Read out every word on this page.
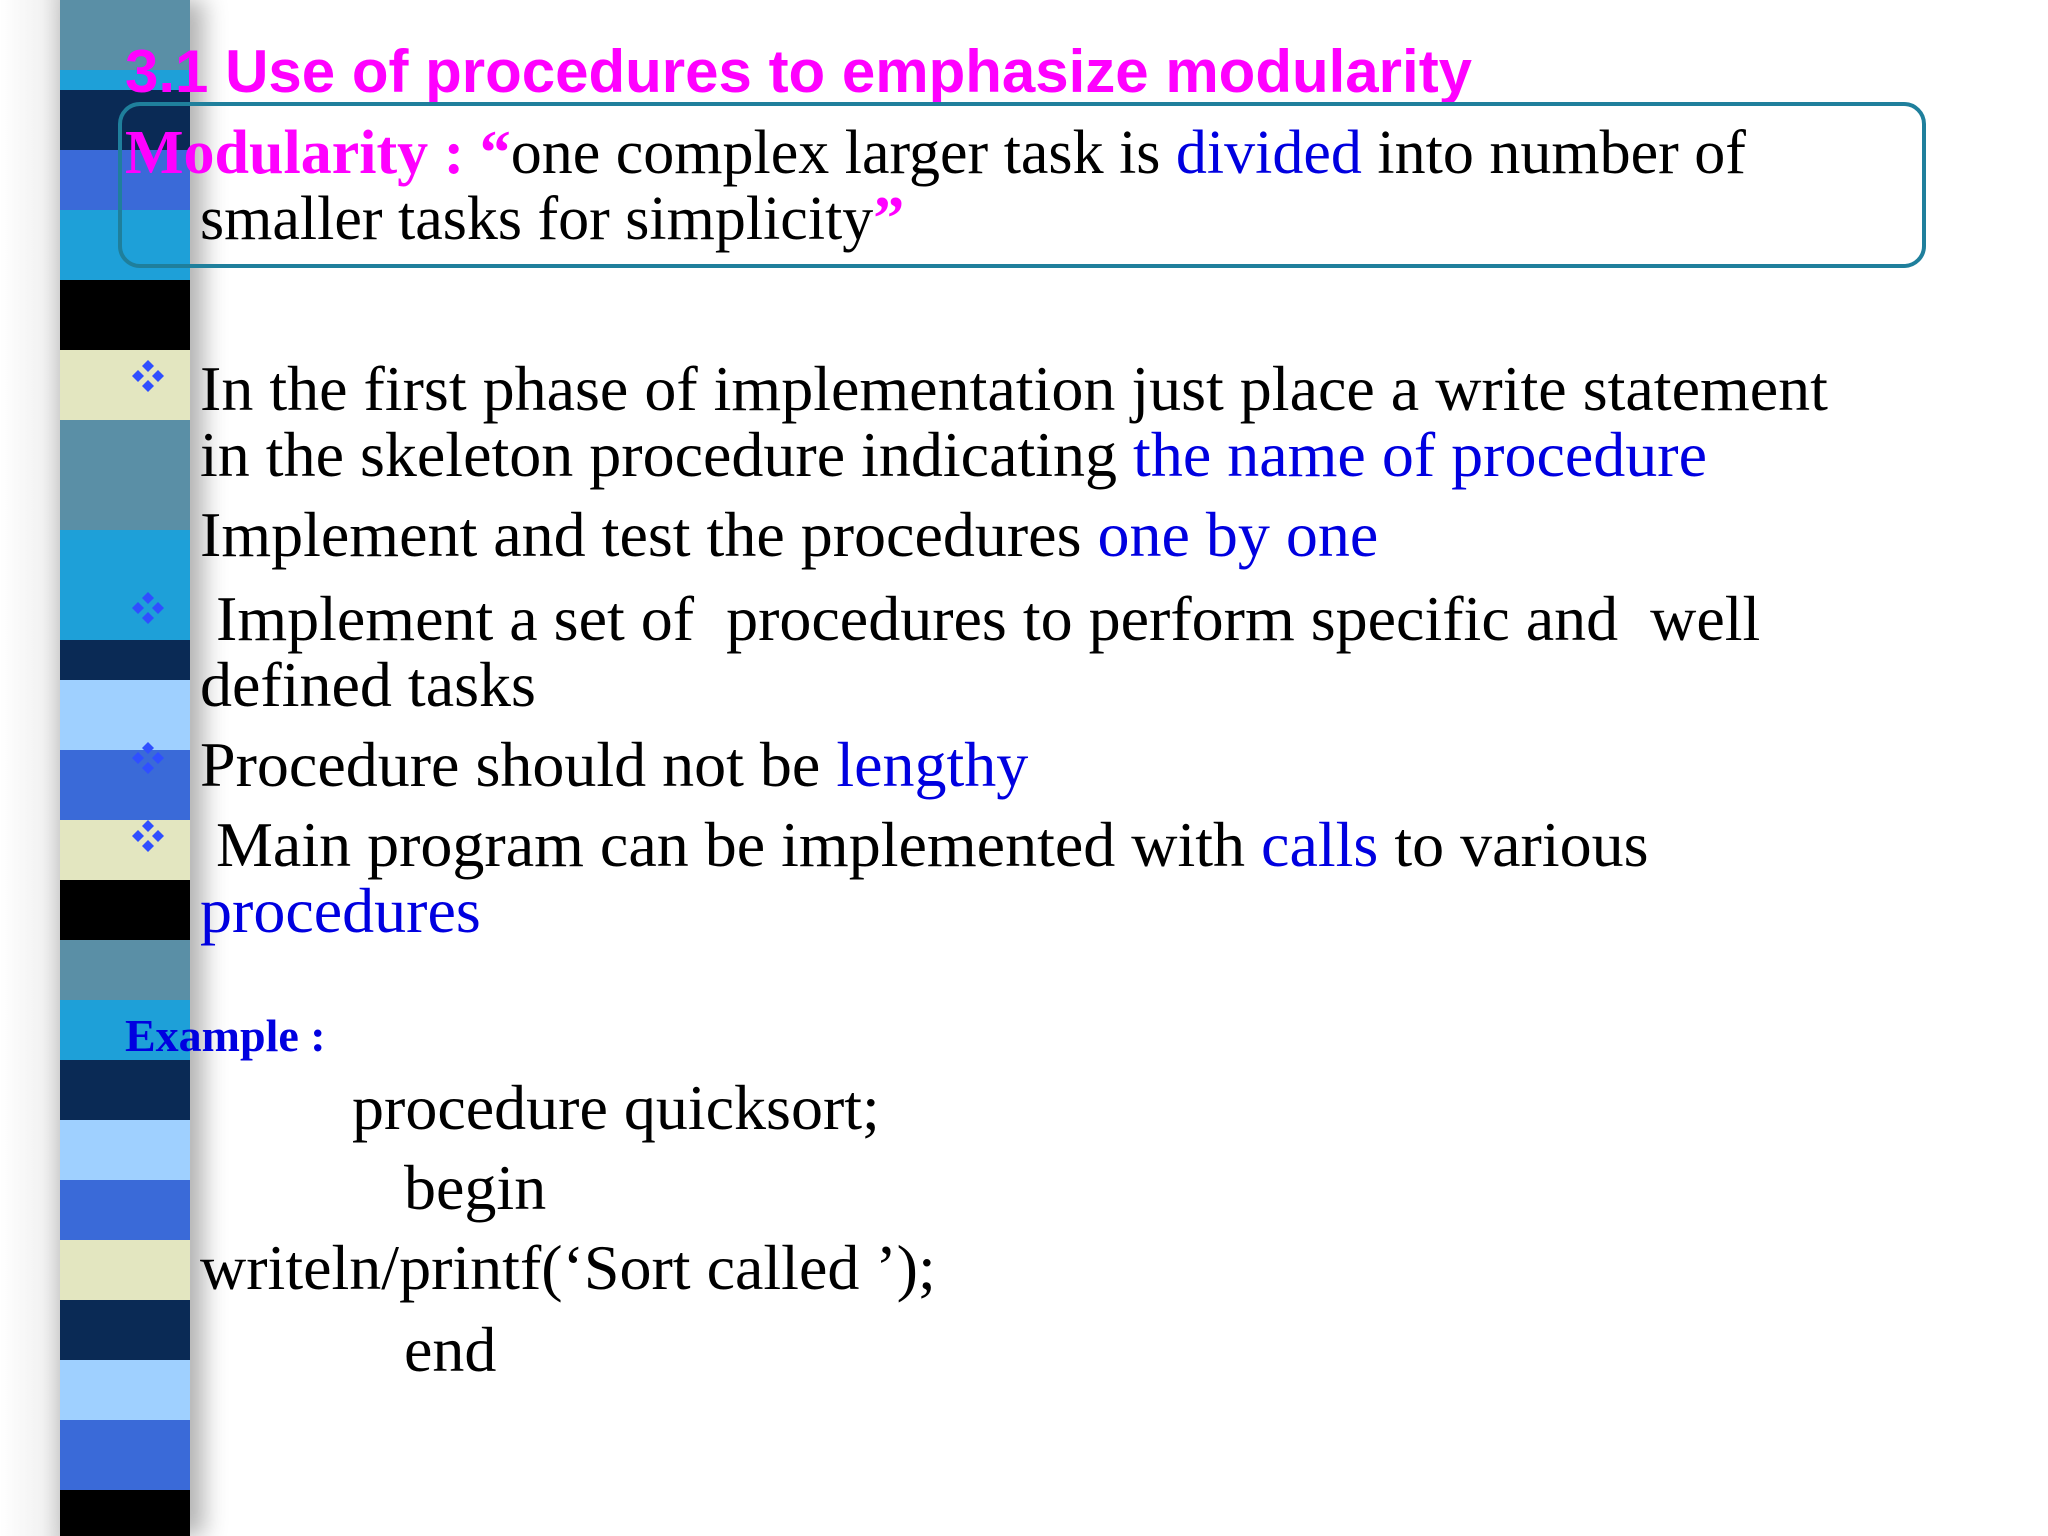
3.1 Use of procedures to emphasize modularity
Modularity : “one complex larger task is divided into number of
smaller tasks for simplicity”
In the first phase of implementation just place a write statement
in the skeleton procedure indicating the name of procedure
Implement and test the procedures one by one
Implement a set of  procedures to perform specific and  well
defined tasks
Procedure should not be lengthy
Main program can be implemented with calls to various
procedures
Example :
procedure quicksort;
begin
writeln/printf(‘Sort called ’);
end
